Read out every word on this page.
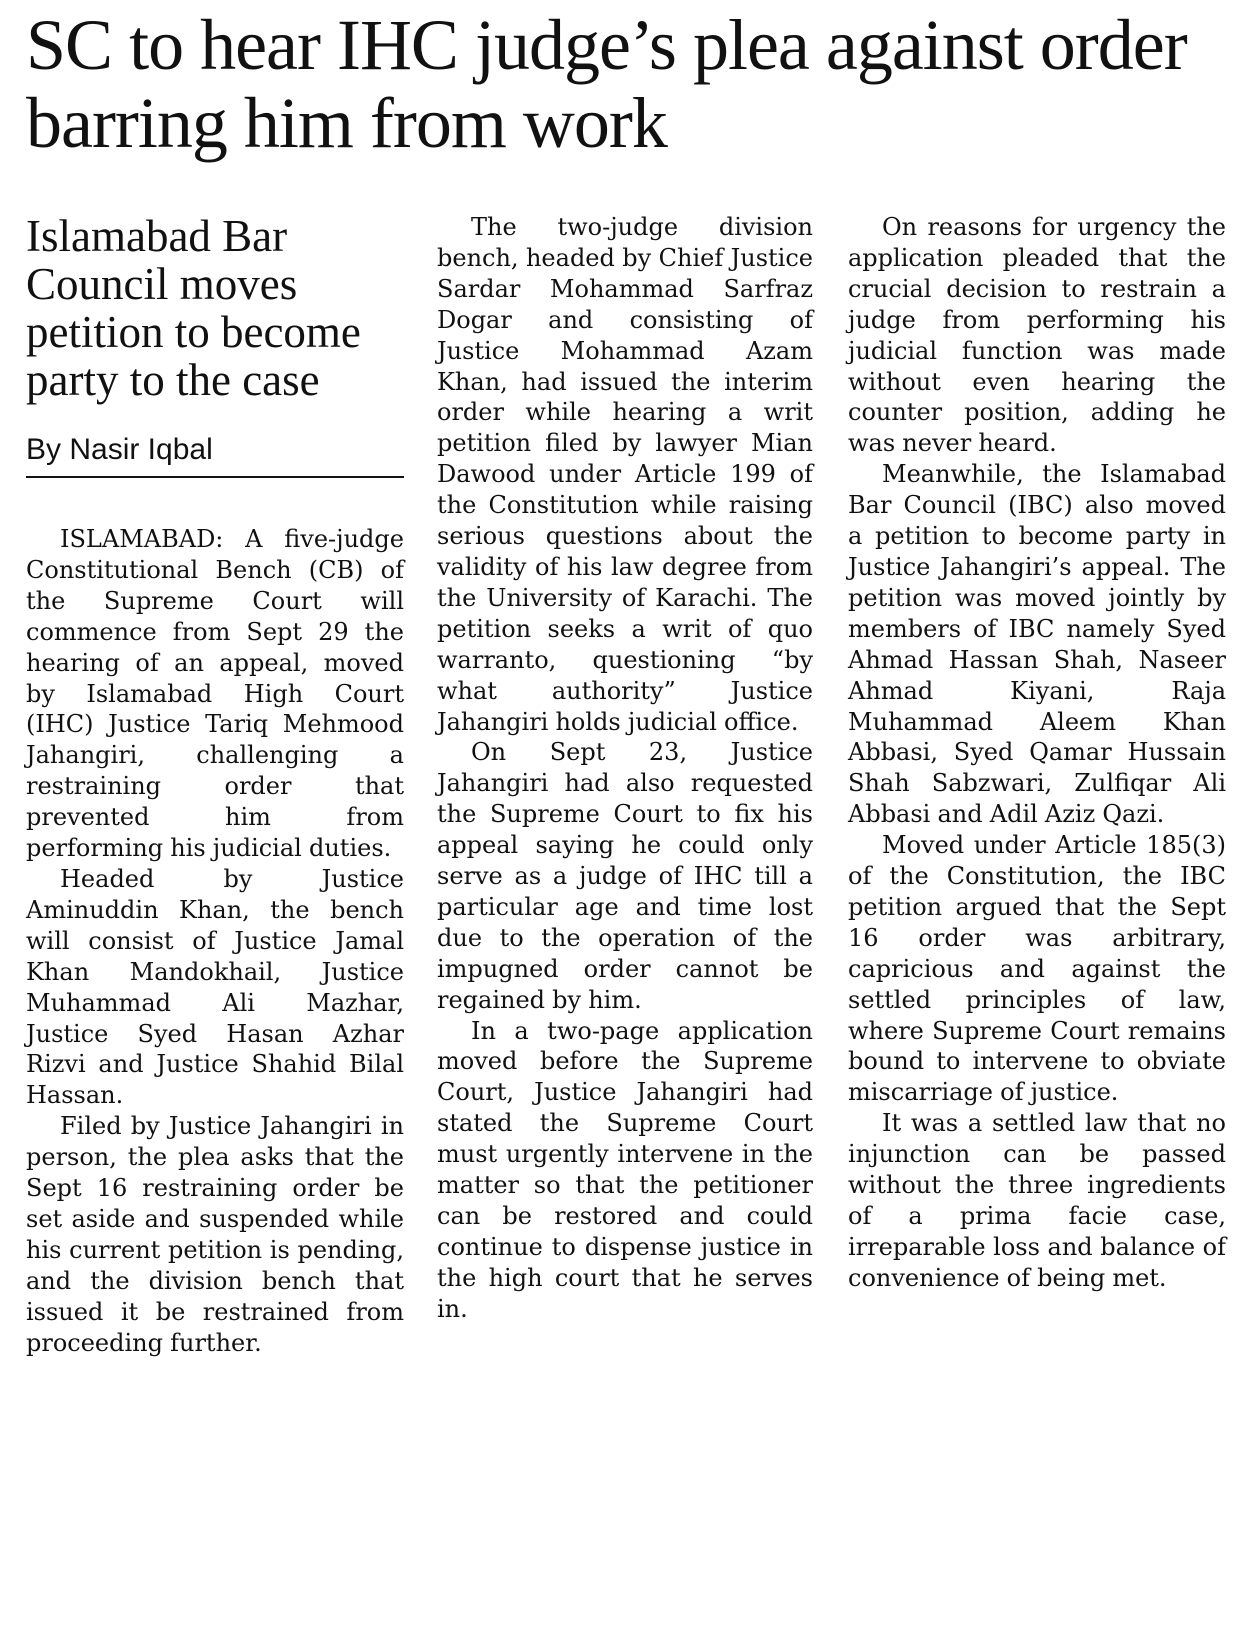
SC to hear IHC judge’s plea against order barring him from work
Islamabad Bar Council moves petition to become party to the case
By Nasir Iqbal

ISLAMABAD: A five-judge Constitutional Bench (CB) of the Supreme Court will commence from Sept 29 the hearing of an appeal, moved by Islamabad High Court (IHC) Justice Tariq Mehmood Jahangiri, challenging a restraining order that prevented him from performing his judicial duties.

Headed by Justice Aminuddin Khan, the bench will consist of Justice Jamal Khan Mandokhail, Justice Muhammad Ali Mazhar, Justice Syed Hasan Azhar Rizvi and Justice Shahid Bilal Hassan.

Filed by Justice Jahangiri in person, the plea asks that the Sept 16 restraining order be set aside and suspended while his current petition is pending, and the division bench that issued it be restrained from proceeding further.

The two-judge division bench, headed by Chief Justice Sardar Mohammad Sarfraz Dogar and consisting of Justice Mohammad Azam Khan, had issued the interim order while hearing a writ petition filed by lawyer Mian Dawood under Article 199 of the Constitution while raising serious questions about the validity of his law degree from the University of Karachi. The petition seeks a writ of quo warranto, questioning “by what authority” Justice Jahangiri holds judicial office.

On Sept 23, Justice Jahangiri had also requested the Supreme Court to fix his appeal saying he could only serve as a judge of IHC till a particular age and time lost due to the operation of the impugned order cannot be regained by him.

In a two-page application moved before the Supreme Court, Justice Jahangiri had stated the Supreme Court must urgently intervene in the matter so that the petitioner can be restored and could continue to dispense justice in the high court that he serves in.

On reasons for urgency the application pleaded that the crucial decision to restrain a judge from performing his judicial function was made without even hearing the counter position, adding he was never heard.

Meanwhile, the Islamabad Bar Council (IBC) also moved a petition to become party in Justice Jahangiri’s appeal. The petition was moved jointly by members of IBC namely Syed Ahmad Hassan Shah, Naseer Ahmad Kiyani, Raja Muhammad Aleem Khan Abbasi, Syed Qamar Hussain Shah Sabzwari, Zulfiqar Ali Abbasi and Adil Aziz Qazi.

Moved under Article 185(3) of the Constitution, the IBC petition argued that the Sept 16 order was arbitrary, capricious and against the settled principles of law, where Supreme Court remains bound to intervene to obviate miscarriage of justice.

It was a settled law that no injunction can be passed without the three ingredients of a prima facie case, irreparable loss and balance of convenience of being met.
